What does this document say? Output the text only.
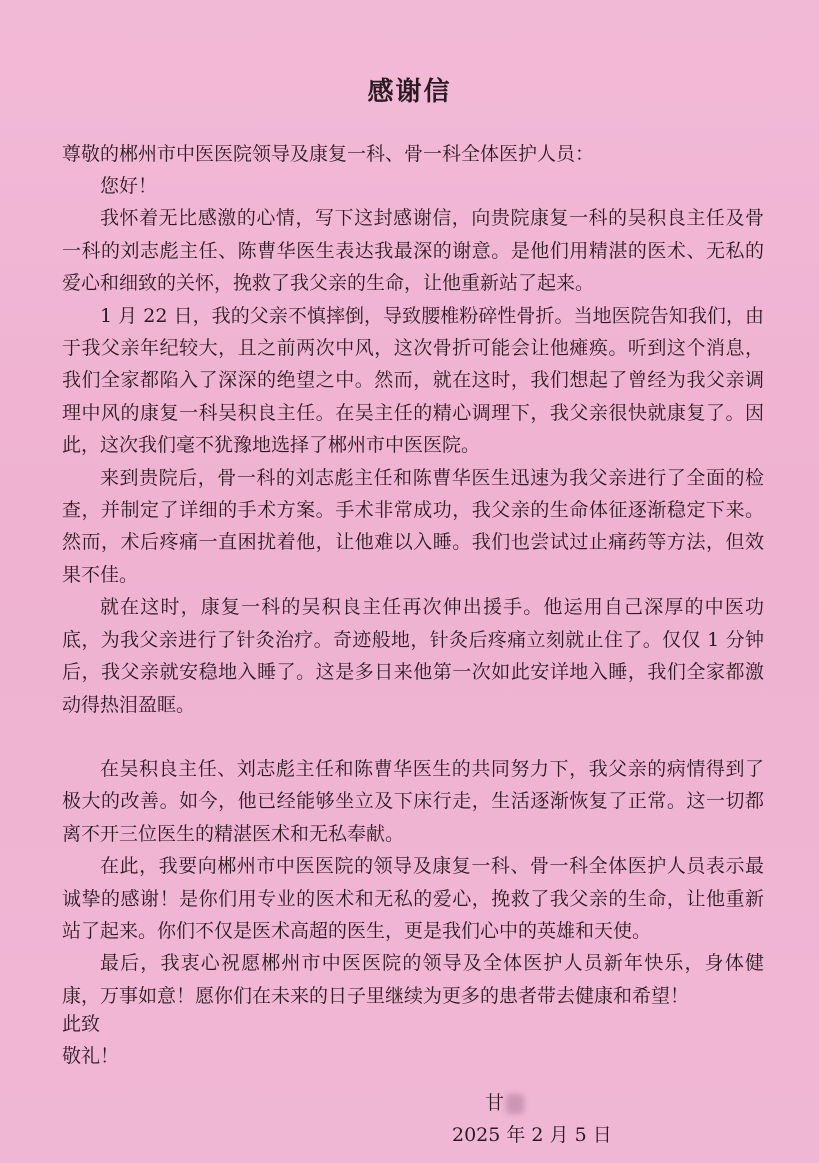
感谢信
尊敬的郴州市中医医院领导及康复一科、骨一科全体医护人员：

您好！

我怀着无比感激的心情，写下这封感谢信，向贵院康复一科的吴积良主任及骨一科的刘志彪主任、陈曹华医生表达我最深的谢意。是他们用精湛的医术、无私的爱心和细致的关怀，挽救了我父亲的生命，让他重新站了起来。

1 月 22 日，我的父亲不慎摔倒，导致腰椎粉碎性骨折。当地医院告知我们，由于我父亲年纪较大，且之前两次中风，这次骨折可能会让他瘫痪。听到这个消息，我们全家都陷入了深深的绝望之中。然而，就在这时，我们想起了曾经为我父亲调理中风的康复一科吴积良主任。在吴主任的精心调理下，我父亲很快就康复了。因此，这次我们毫不犹豫地选择了郴州市中医医院。

来到贵院后，骨一科的刘志彪主任和陈曹华医生迅速为我父亲进行了全面的检查，并制定了详细的手术方案。手术非常成功，我父亲的生命体征逐渐稳定下来。然而，术后疼痛一直困扰着他，让他难以入睡。我们也尝试过止痛药等方法，但效果不佳。

就在这时，康复一科的吴积良主任再次伸出援手。他运用自己深厚的中医功底，为我父亲进行了针灸治疗。奇迹般地，针灸后疼痛立刻就止住了。仅仅 1 分钟后，我父亲就安稳地入睡了。这是多日来他第一次如此安详地入睡，我们全家都激动得热泪盈眶。

在吴积良主任、刘志彪主任和陈曹华医生的共同努力下，我父亲的病情得到了极大的改善。如今，他已经能够坐立及下床行走，生活逐渐恢复了正常。这一切都离不开三位医生的精湛医术和无私奉献。

在此，我要向郴州市中医医院的领导及康复一科、骨一科全体医护人员表示最诚挚的感谢！是你们用专业的医术和无私的爱心，挽救了我父亲的生命，让他重新站了起来。你们不仅是医术高超的医生，更是我们心中的英雄和天使。

最后，我衷心祝愿郴州市中医医院的领导及全体医护人员新年快乐，身体健康，万事如意！愿你们在未来的日子里继续为更多的患者带去健康和希望！

此致
敬礼！
甘
2025 年 2 月 5 日
